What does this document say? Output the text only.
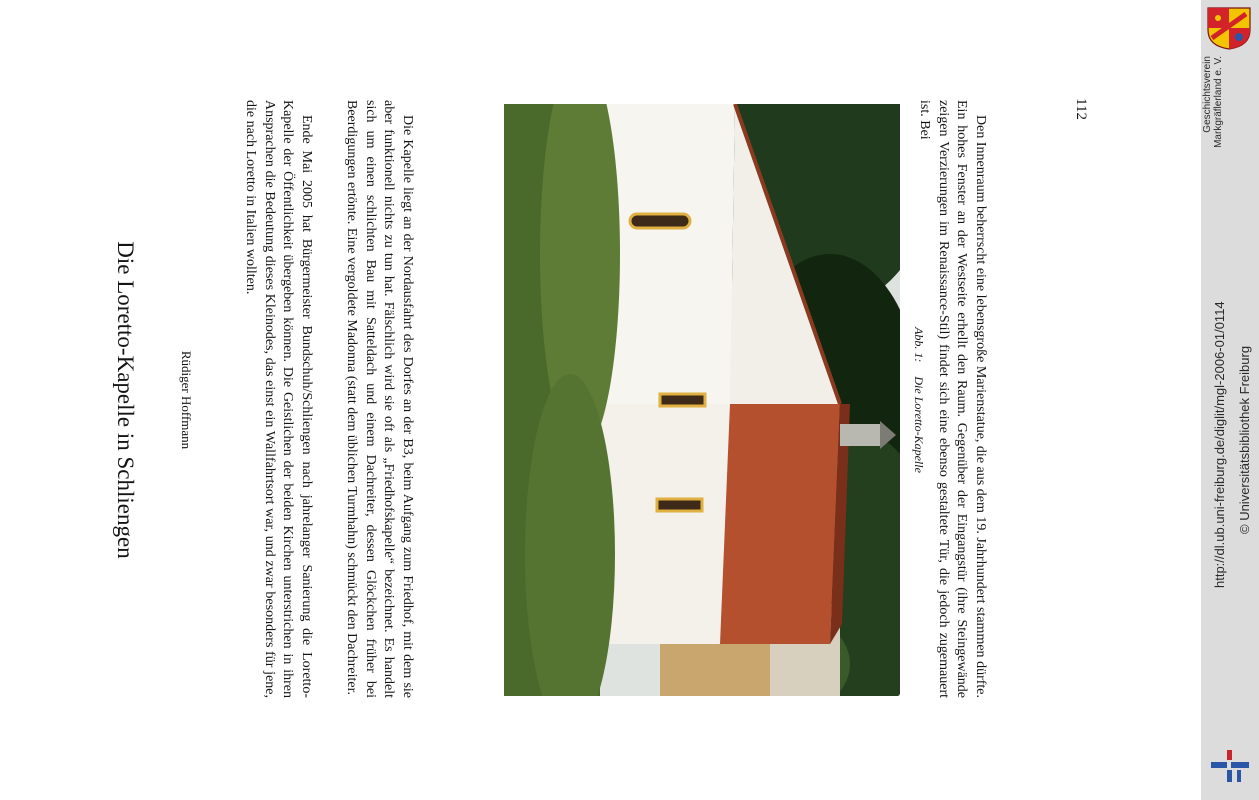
Die Loretto-Kapelle in Schliengen	Rüdiger Hoffmann	Ende Mai 2005 hat Bürgermeister Bundschuh/Schliengen nach jahrelanger Sanierung die Loretto-Kapelle der Öffentlichkeit übergeben können. Die Geistlichen der beiden Kirchen unterstrichen in ihren Ansprachen die Bedeutung dieses Kleinodes, das einst ein Wallfahrtsort war, und zwar besonders für jene, die nach Loretto in Italien wollten.	Die Kapelle liegt an der Nordausfahrt des Dorfes an der B3, beim Aufgang zum Friedhof, mit dem sie aber funktionell nichts zu tun hat. Fälschlich wird sie oft als „Friedhofskapelle“ bezeichnet. Es handelt sich um einen schlichten Bau mit Satteldach und einem Dachreiter, dessen Glöckchen früher bei Beerdigungen ertönte. Eine vergoldete Madonna (statt dem üblichen Turmhahn) schmückt den Dachreiter.	Abb. 1:Die Loretto-Kapelle	Den Innenraum beherrscht eine lebensgroße Marienstatue, die aus dem 19. Jahrhundert stammen dürfte. Ein hohes Fenster an der Westseite erhellt den Raum. Gegenüber der Eingangstür (ihre Steingewände zeigen Verzierungen im Renaissance-Stil) findet sich eine ebenso gestaltete Tür, die jedoch zugemauert ist. Bei	112	Geschichtsverein Markgräflerland e. V.
http://dl.ub.uni-freiburg.de/diglit/mgl-2006-01/0114 © Universitätsbibliothek Freiburg
